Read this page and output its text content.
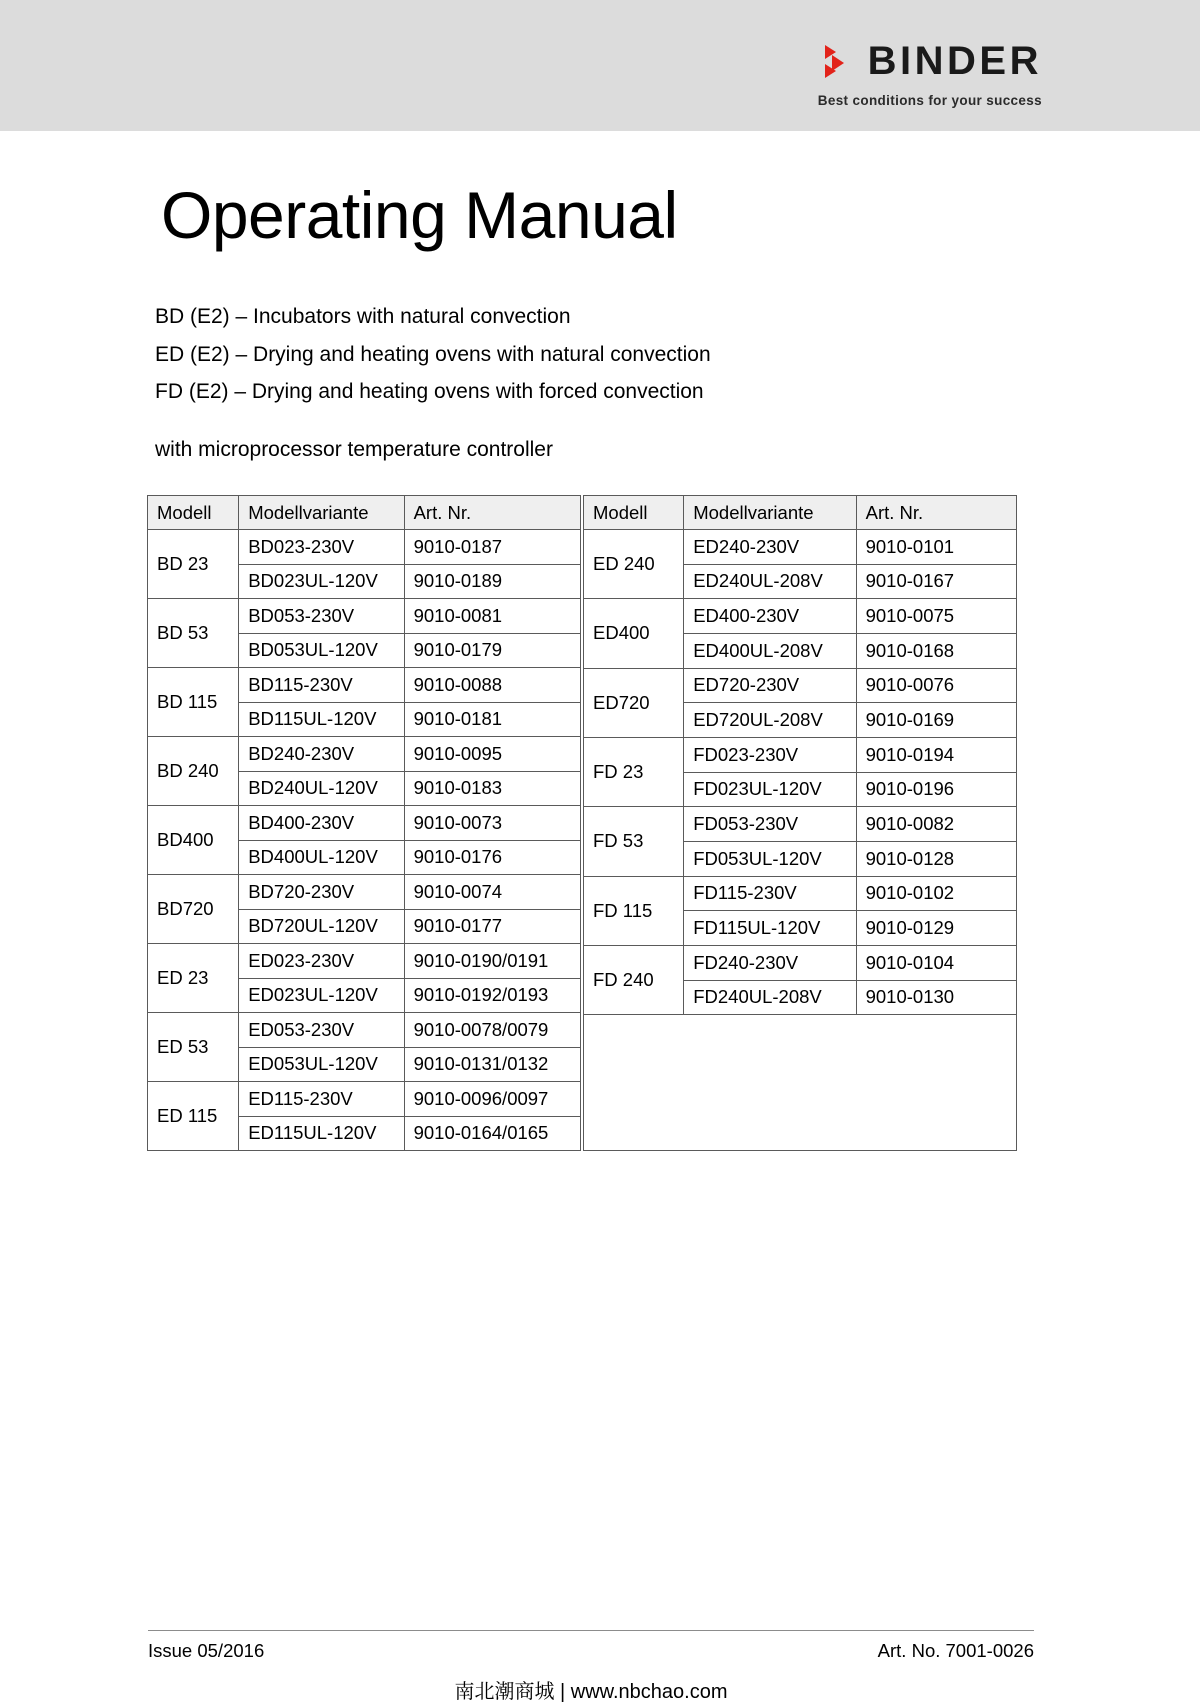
BINDER
Best conditions for your success
Operating Manual
BD (E2) – Incubators with natural convection
ED (E2) – Drying and heating ovens with natural convection
FD (E2) – Drying and heating ovens with forced convection
with microprocessor temperature controller
Modell	Modellvariante	Art. Nr.
BD 23	BD023-230V	9010-0187
	BD023UL-120V	9010-0189
BD 53	BD053-230V	9010-0081
	BD053UL-120V	9010-0179
BD 115	BD115-230V	9010-0088
	BD115UL-120V	9010-0181
BD 240	BD240-230V	9010-0095
	BD240UL-120V	9010-0183
BD400	BD400-230V	9010-0073
	BD400UL-120V	9010-0176
BD720	BD720-230V	9010-0074
	BD720UL-120V	9010-0177
ED 23	ED023-230V	9010-0190/0191
	ED023UL-120V	9010-0192/0193
ED 53	ED053-230V	9010-0078/0079
	ED053UL-120V	9010-0131/0132
ED 115	ED115-230V	9010-0096/0097
	ED115UL-120V	9010-0164/0165
Modell	Modellvariante	Art. Nr.
ED 240	ED240-230V	9010-0101
	ED240UL-208V	9010-0167
ED400	ED400-230V	9010-0075
	ED400UL-208V	9010-0168
ED720	ED720-230V	9010-0076
	ED720UL-208V	9010-0169
FD 23	FD023-230V	9010-0194
	FD023UL-120V	9010-0196
FD 53	FD053-230V	9010-0082
	FD053UL-120V	9010-0128
FD 115	FD115-230V	9010-0102
	FD115UL-120V	9010-0129
FD 240	FD240-230V	9010-0104
	FD240UL-208V	9010-0130

Issue 05/2016	Art. No. 7001-0026
南北潮商城 | www.nbchao.com
